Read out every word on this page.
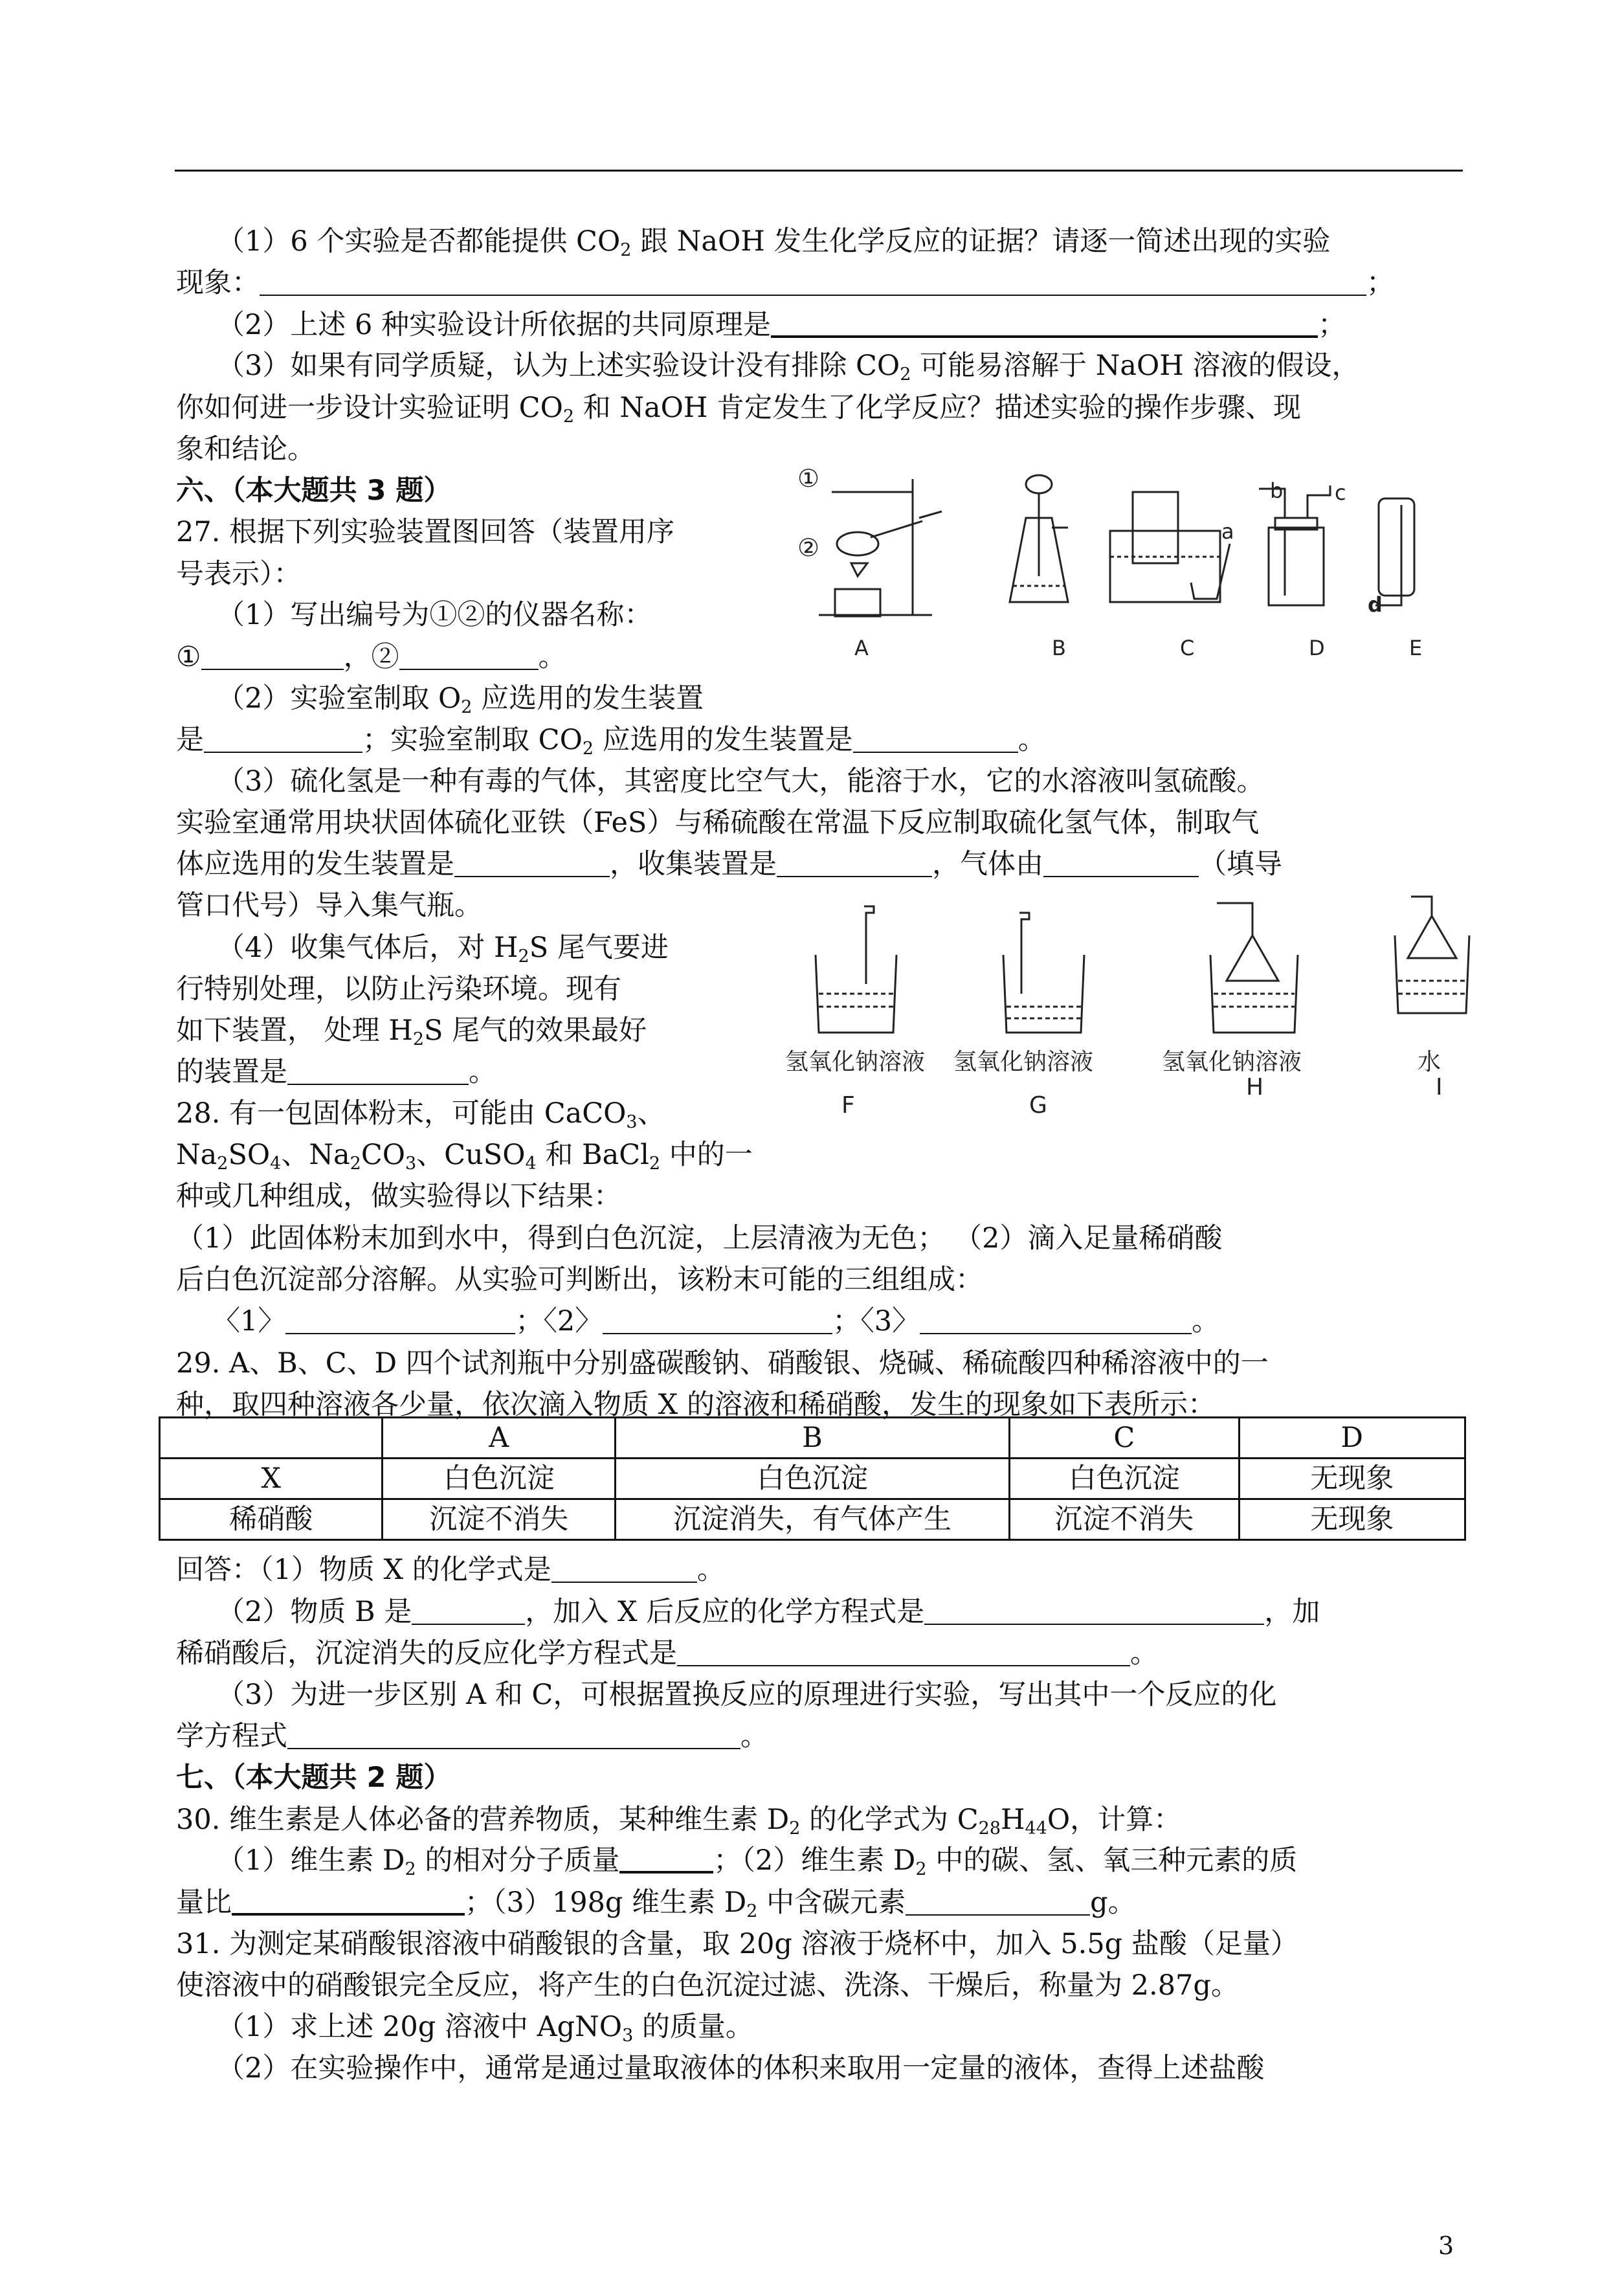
（1）6 个实验是否都能提供 $CO_2$ 跟 NaOH 发生化学反应的证据？请逐一简述出现的实验
现象：	；
（2）上述 6 种实验设计所依据的共同原理是	；
（3）如果有同学质疑，认为上述实验设计没有排除 $CO_2$ 可能易溶解于 NaOH 溶液的假设，
你如何进一步设计实验证明 $CO_2$ 和 NaOH 肯定发生了化学反应？描述实验的操作步骤、现
象和结论。
六、（本大题共 3 题）
27. 根据下列实验装置图回答（装置用序
号表示）：
（1）写出编号为①②的仪器名称：
①	，②	。
（2）实验室制取 $O_2$ 应选用的发生装置
是	；实验室制取 $CO_2$ 应选用的发生装置是	。
（3）硫化氢是一种有毒的气体，其密度比空气大，能溶于水，它的水溶液叫氢硫酸。
实验室通常用块状固体硫化亚铁（FeS）与稀硫酸在常温下反应制取硫化氢气体，制取气
体应选用的发生装置是	，收集装置是	，气体由	（填导
管口代号）导入集气瓶。
（4）收集气体后，对 $H_2S$ 尾气要进
行特别处理，以防止污染环境。现有
如下装置， 处理 $H_2S$ 尾气的效果最好
的装置是	。
①
②
a
b c
d
A	B	C	D	E
氢氧化钠溶液 氢氧化钠溶液	氢氧化钠溶液	水
F	G
H	I
28. 有一包固体粉末，可能由 CaCO$_3$、
$Na_2SO_4$、$Na_2CO_3$、CuSO$_4$ 和 BaCl$_2$ 中的一
种或几种组成，做实验得以下结果：
（1）此固体粉末加到水中，得到白色沉淀，上层清液为无色； （2）滴入足量稀硝酸
后白色沉淀部分溶解。从实验可判断出，该粉末可能的三组组成：
〈1〉	；〈2〉	；〈3〉	。
29. A、B、C、D 四个试剂瓶中分别盛碳酸钠、硝酸银、烧碱、稀硫酸四种稀溶液中的一
种，取四种溶液各少量，依次滴入物质 X 的溶液和稀硝酸，发生的现象如下表所示：
	A	B	C	D
X	白色沉淀	白色沉淀	白色沉淀	无现象
稀硝酸	沉淀不消失	沉淀消失，有气体产生	沉淀不消失	无现象
回答：（1）物质 X 的化学式是	。
（2）物质 B 是	，加入 X 后反应的化学方程式是	，加
稀硝酸后，沉淀消失的反应化学方程式是	。
（3）为进一步区别 A 和 C，可根据置换反应的原理进行实验，写出其中一个反应的化
学方程式	。
七、（本大题共 2 题）
30. 维生素是人体必备的营养物质，某种维生素 $D_2$ 的化学式为 $C_{28}H_{44}O$，计算：
（1）维生素 $D_2$ 的相对分子质量	；（2）维生素 $D_2$ 中的碳、氢、氧三种元素的质
量比	；（3）198g 维生素 $D_2$ 中含碳元素	g。
31. 为测定某硝酸银溶液中硝酸银的含量，取 20g 溶液于烧杯中，加入 5.5g 盐酸（足量）
使溶液中的硝酸银完全反应，将产生的白色沉淀过滤、洗涤、干燥后，称量为 2.87g。
（1）求上述 20g 溶液中 AgNO$_3$ 的质量。
（2）在实验操作中，通常是通过量取液体的体积来取用一定量的液体，查得上述盐酸
3
